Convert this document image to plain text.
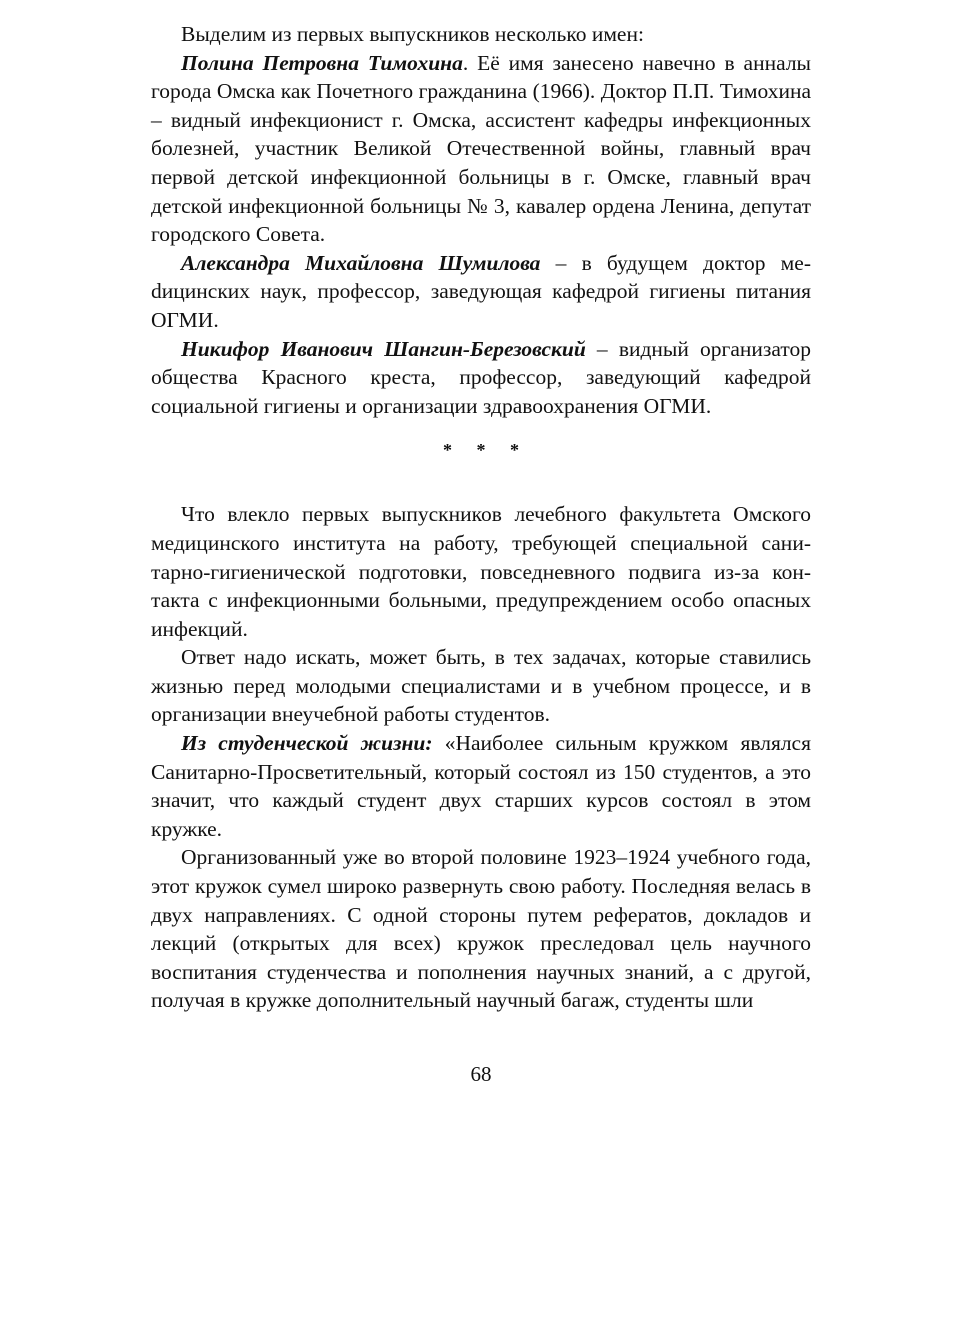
Выделим из первых выпускников несколько имен:

Полина Петровна Тимохина. Её имя занесено навечно в анналы города Омска как Почетного гражданина (1966). Доктор П.П. Тимохина – видный инфекционист г. Омска, ассистент кафедры инфекционных болезней, участник Великой Отечественной войны, главный врач первой детской инфекционной больницы в г. Омске, главный врач детской инфекционной больницы № 3, кавалер ордена Ленина, депутат городского Совета.

Александра Михайловна Шумилова – в будущем доктор меdицинских наук, профессор, заведующая кафедрой гигиены питания ОГМИ.

Никифор Иванович Шангин-Березовский – видный организатор общества Красного креста, профессор, заведующий кафедрой социальной гигиены и организации здравоохранения ОГМИ.

* * *

Что влекло первых выпускников лечебного факультета Омского медицинского института на работу, требующей специальной санитарно-гигиенической подготовки, повседневного подвига из-за контакта с инфекционными больными, предупреждением особо опасных инфекций.

Ответ надо искать, может быть, в тех задачах, которые ставились жизнью перед молодыми специалистами и в учебном процессе, и в организации внеучебной работы студентов.

Из студенческой жизни: «Наиболее сильным кружком являлся Санитарно-Просветительный, который состоял из 150 студентов, а это значит, что каждый студент двух старших курсов состоял в этом кружке.

Организованный уже во второй половине 1923–1924 учебного года, этот кружок сумел широко развернуть свою работу. Последняя велась в двух направлениях. С одной стороны путем рефератов, докладов и лекций (открытых для всех) кружок преследовал цель научного воспитания студенчества и пополнения научных знаний, а с другой, получая в кружке дополнительный научный багаж, студенты шли

68
